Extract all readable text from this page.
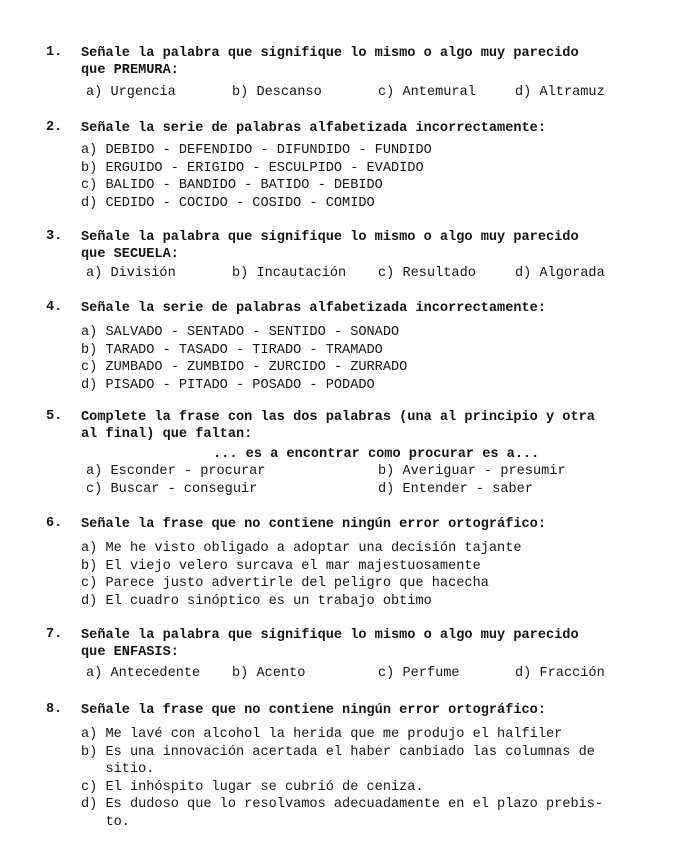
1. Señale la palabra que signifique lo mismo o algo muy parecido
que PREMURA:
a) Urgencia	b) Descanso	c) Antemural	d) Altramuz
2. Señale la serie de palabras alfabetizada incorrectamente:
a) DEBIDO - DEFENDIDO - DIFUNDIDO - FUNDIDO
b) ERGUIDO - ERIGIDO - ESCULPIDO - EVADIDO
c) BALIDO - BANDIDO - BATIDO - DEBIDO
d) CEDIDO - COCIDO - COSIDO - COMIDO
3. Señale la palabra que signifique lo mismo o algo muy parecido
que SECUELA:
a) División	b) Incautación c) Resultado	d) Algorada
4. Señale la serie de palabras alfabetizada incorrectamente:
a) SALVADO - SENTADO - SENTIDO - SONADO
b) TARADO - TASADO - TIRADO - TRAMADO
c) ZUMBADO - ZUMBIDO - ZURCIDO - ZURRADO
d) PISADO - PITADO - POSADO - PODADO
5. Complete la frase con las dos palabras (una al principio y otra
al final) que faltan:
... es a encontrar como procurar es a...
a) Esconder - procurar	b) Averiguar - presumir
c) Buscar - conseguir	d) Entender - saber
6. Señale la frase que no contiene ningún error ortográfico:
a) Me he visto obligado a adoptar una decisión tajante
b) El viejo velero surcava el mar majestuosamente
c) Parece justo advertirle del peligro que hacecha
d) El cuadro sinóptico es un trabajo obtimo
7. Señale la palabra que signifique lo mismo o algo muy parecido
que ENFASIS:
a) Antecedente b) Acento	c) Perfume	d) Fracción
8. Señale la frase que no contiene ningún error ortográfico:
a) Me lavé con alcohol la herida que me produjo el halfiler
b) Es una innovación acertada el haber canbiado las columnas de
sitio.
c) El inhóspito lugar se cubrió de ceniza.
d) Es dudoso que lo resolvamos adecuadamente en el plazo prebis-
to.
